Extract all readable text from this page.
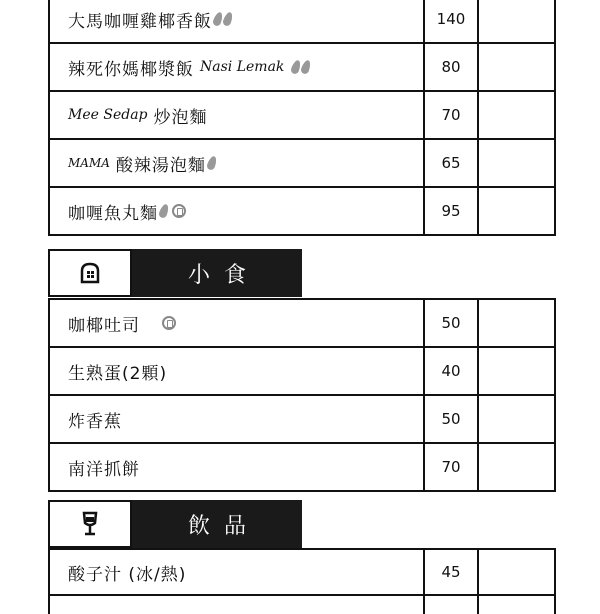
大馬咖喱雞椰香飯	140
辣死你媽椰漿飯 Nasi Lemak	80
Mee Sedap 炒泡麵	70
MAMA 酸辣湯泡麵	65
咖喱魚丸麵	95
小食
咖椰吐司	50
生熟蛋(2顆)	40
炸香蕉	50
南洋抓餅	70
飲品
酸子汁 (冰/熱)	45
